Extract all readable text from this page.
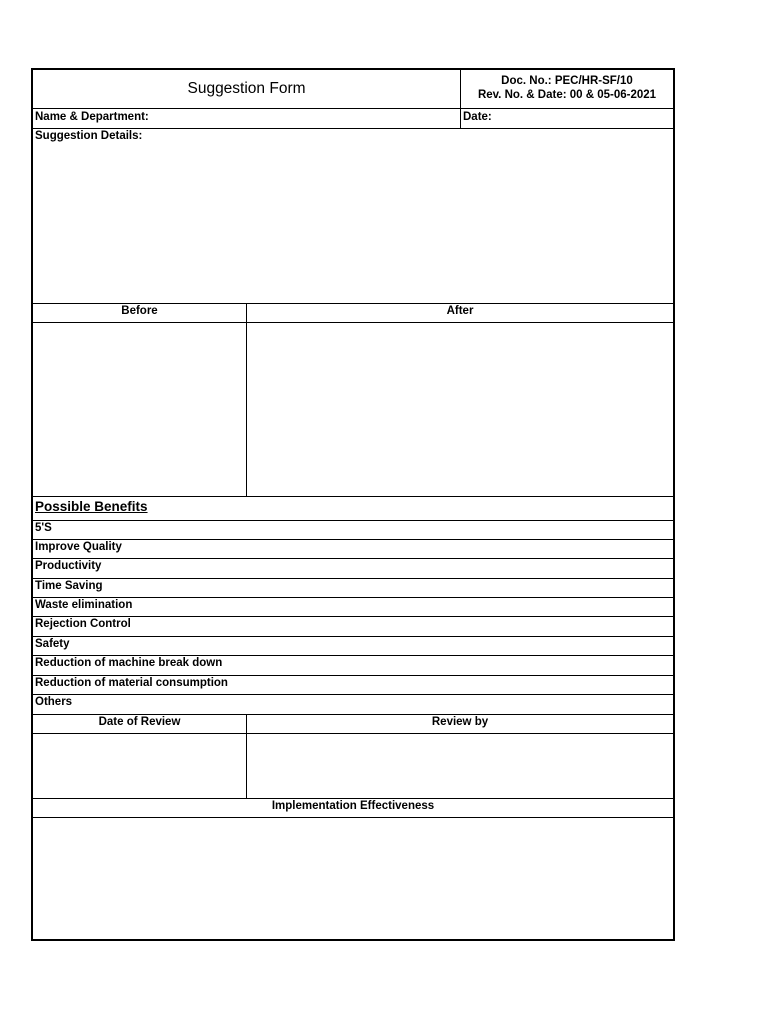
Suggestion Form	Doc. No.: PEC/HR-SF/10
Rev. No. & Date: 00 & 05-06-2021
Name & Department:	Date:
Suggestion Details:
Before	After
Possible Benefits
5'S
Improve Quality
Productivity
Time Saving
Waste elimination
Rejection Control
Safety
Reduction of machine break down
Reduction of material consumption
Others
Date of Review	Review by
Implementation Effectiveness
